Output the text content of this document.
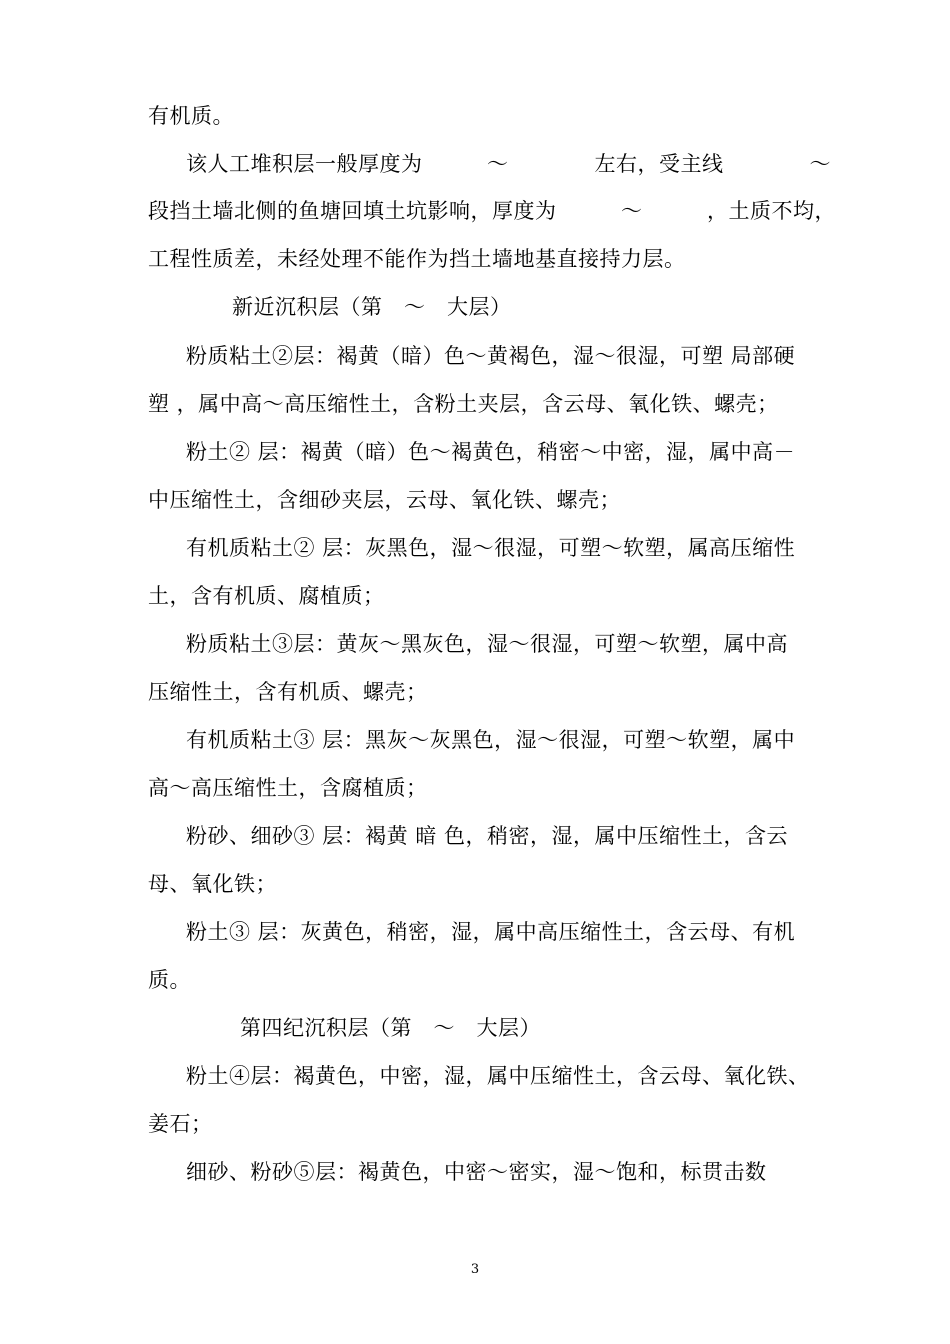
有机质。
该人工堆积层一般厚度为　　　～　　　　左右，受主线　　　　～
段挡土墙北侧的鱼塘回填土坑影响，厚度为　　　～　　　，土质不均，
工程性质差，未经处理不能作为挡土墙地基直接持力层。
新近沉积层（第　～　大层）
粉质粘土②层：褐黄（暗）色～黄褐色，湿～很湿，可塑 局部硬
塑 ，属中高～高压缩性土，含粉土夹层，含云母、氧化铁、螺壳；
粉土② 层：褐黄（暗）色～褐黄色，稍密～中密，湿，属中高－
中压缩性土，含细砂夹层，云母、氧化铁、螺壳；
有机质粘土② 层：灰黑色，湿～很湿，可塑～软塑，属高压缩性
土，含有机质、腐植质；
粉质粘土③层：黄灰～黑灰色，湿～很湿，可塑～软塑，属中高
压缩性土，含有机质、螺壳；
有机质粘土③ 层：黑灰～灰黑色，湿～很湿，可塑～软塑，属中
高～高压缩性土，含腐植质；
粉砂、细砂③ 层：褐黄 暗 色，稍密，湿，属中压缩性土，含云
母、氧化铁；
粉土③ 层：灰黄色，稍密，湿，属中高压缩性土，含云母、有机
质。
第四纪沉积层（第　～　大层）
粉土④层：褐黄色，中密，湿，属中压缩性土，含云母、氧化铁、
姜石；
细砂、粉砂⑤层：褐黄色，中密～密实，湿～饱和，标贯击数
3
